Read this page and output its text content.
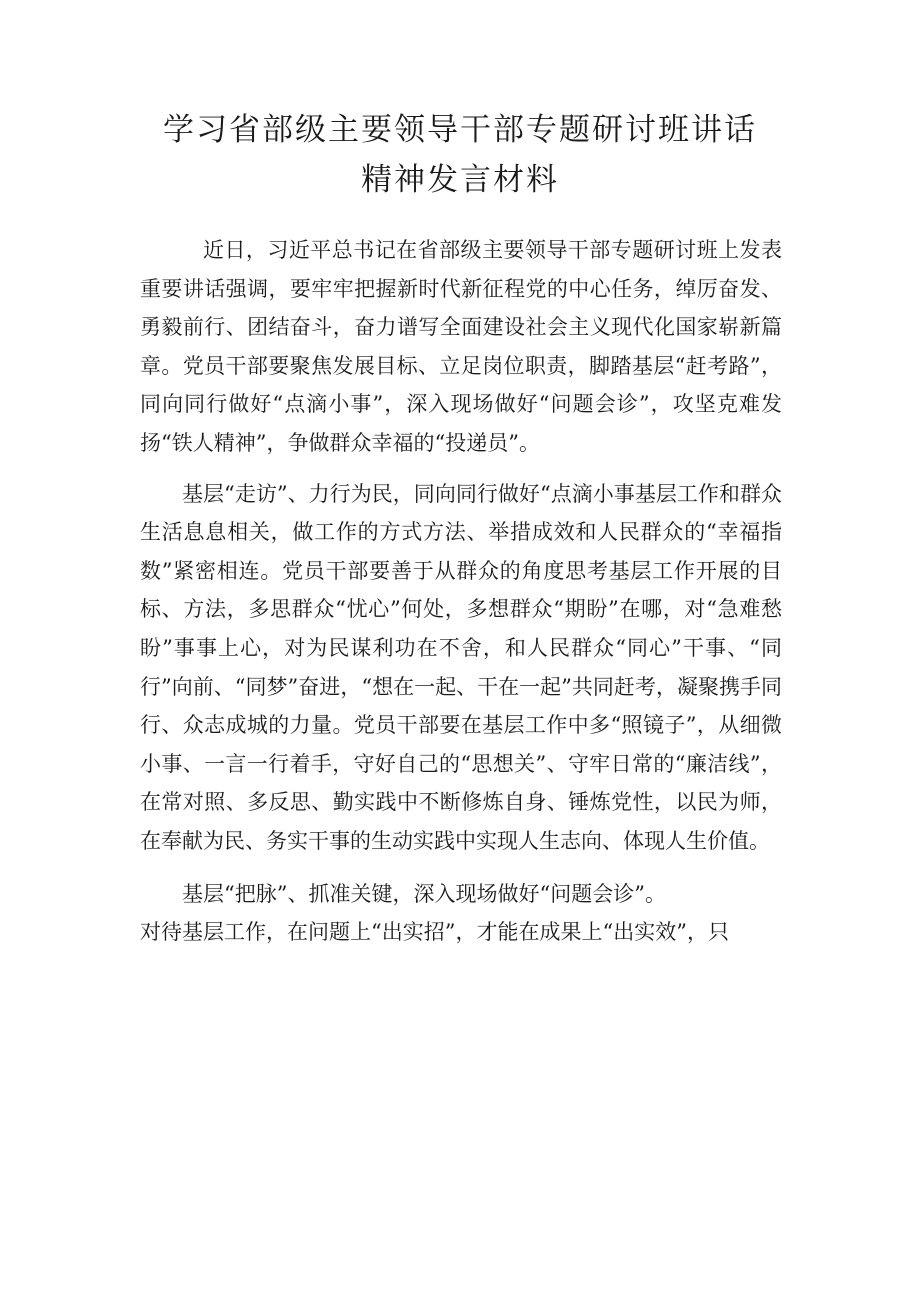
学习省部级主要领导干部专题研讨班讲话
精神发言材料

近日，习近平总书记在省部级主要领导干部专题研讨班上发表重要讲话强调，要牢牢把握新时代新征程党的中心任务，绰厉奋发、勇毅前行、团结奋斗，奋力谱写全面建设社会主义现代化国家崭新篇章。党员干部要聚焦发展目标、立足岗位职责，脚踏基层“赶考路”，同向同行做好“点滴小事”，深入现场做好“问题会诊”，攻坚克难发扬“铁人精神”，争做群众幸福的“投递员”。

基层“走访”、力行为民，同向同行做好“点滴小事基层工作和群众生活息息相关，做工作的方式方法、举措成效和人民群众的“幸福指数”紧密相连。党员干部要善于从群众的角度思考基层工作开展的目标、方法，多思群众“忧心”何处，多想群众“期盼”在哪，对“急难愁盼”事事上心，对为民谋利功在不舍，和人民群众“同心”干事、“同行”向前、“同梦”奋进，“想在一起、干在一起”共同赶考，凝聚携手同行、众志成城的力量。党员干部要在基层工作中多“照镜子”，从细微小事、一言一行着手，守好自己的“思想关”、守牢日常的“廉洁线”，在常对照、多反思、勤实践中不断修炼自身、锤炼党性，以民为师，在奉献为民、务实干事的生动实践中实现人生志向、体现人生价值。

基层“把脉”、抓准关键，深入现场做好“问题会诊”。

对待基层工作，在问题上“出实招”，才能在成果上“出实效”，只
